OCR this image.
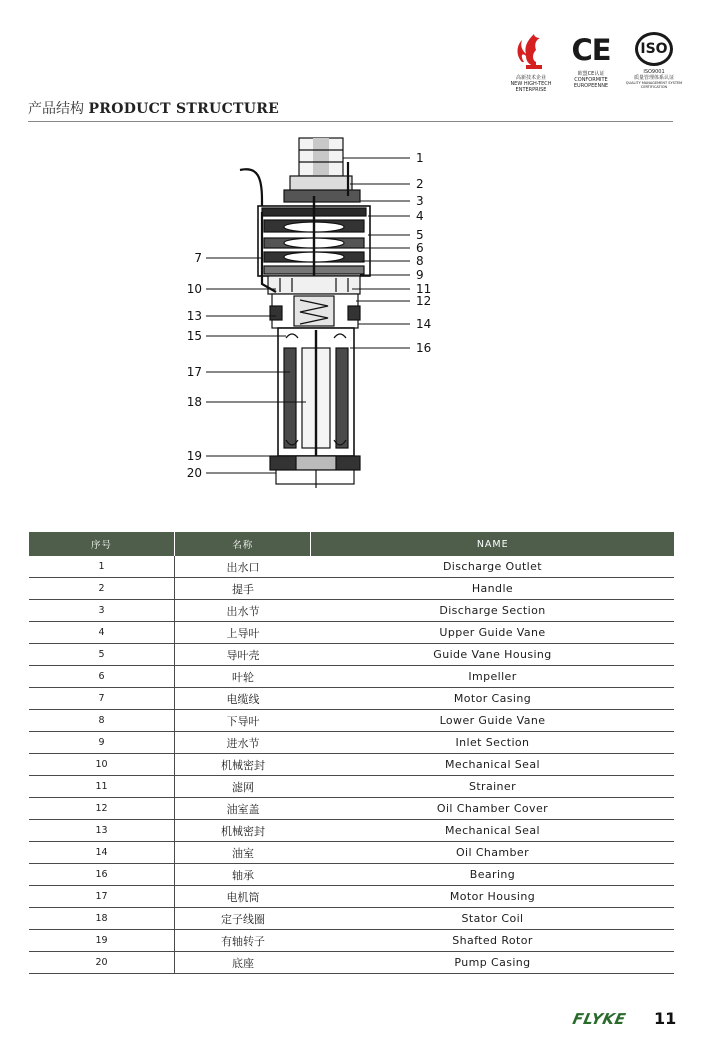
高新技术企业
NEW HIGH-TECH
ENTERPRISE
CE
欧盟CE认证
CONFORMITE
EUROPEENNE
ISO
ISO9001
质量管理体系认证
QUALITY MANAGEMENT SYSTEM CERTIFICATION
产品结构 PRODUCT STRUCTURE
1
2
3
4
5
6
8
9
11
12
14
16
7
10
13
15
17
18
19
20
序号	名称	NAME
1	出水口	Discharge Outlet
2	提手	Handle
3	出水节	Discharge Section
4	上导叶	Upper Guide Vane
5	导叶壳	Guide Vane Housing
6	叶轮	Impeller
7	电缆线	Motor Casing
8	下导叶	Lower Guide Vane
9	进水节	Inlet Section
10	机械密封	Mechanical Seal
11	滤网	Strainer
12	油室盖	Oil Chamber Cover
13	机械密封	Mechanical Seal
14	油室	Oil Chamber
16	轴承	Bearing
17	电机筒	Motor Housing
18	定子线圈	Stator Coil
19	有轴转子	Shafted Rotor
20	底座	Pump Casing
FLYKE 11
